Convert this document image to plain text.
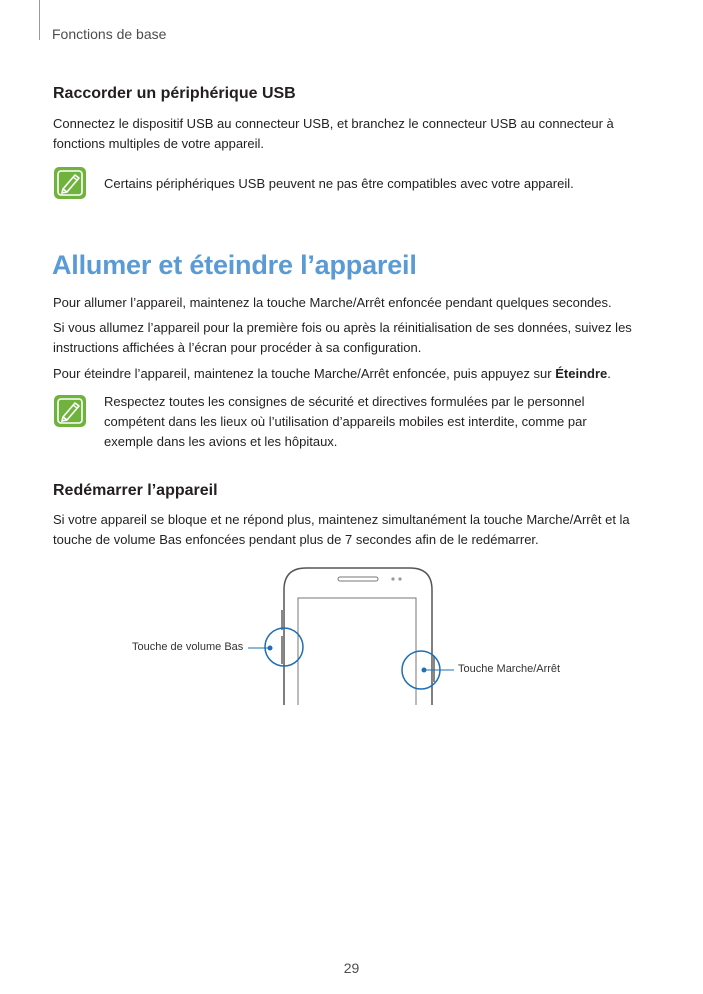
Fonctions de base
Raccorder un périphérique USB
Connectez le dispositif USB au connecteur USB, et branchez le connecteur USB au connecteur à fonctions multiples de votre appareil.
Certains périphériques USB peuvent ne pas être compatibles avec votre appareil.
Allumer et éteindre l’appareil
Pour allumer l’appareil, maintenez la touche Marche/Arrêt enfoncée pendant quelques secondes.
Si vous allumez l’appareil pour la première fois ou après la réinitialisation de ses données, suivez les instructions affichées à l’écran pour procéder à sa configuration.
Pour éteindre l’appareil, maintenez la touche Marche/Arrêt enfoncée, puis appuyez sur Éteindre.
Respectez toutes les consignes de sécurité et directives formulées par le personnel compétent dans les lieux où l’utilisation d’appareils mobiles est interdite, comme par exemple dans les avions et les hôpitaux.
Redémarrer l’appareil
Si votre appareil se bloque et ne répond plus, maintenez simultanément la touche Marche/Arrêt et la touche de volume Bas enfoncées pendant plus de 7 secondes afin de le redémarrer.
Touche de volume Bas
Touche Marche/Arrêt
29
